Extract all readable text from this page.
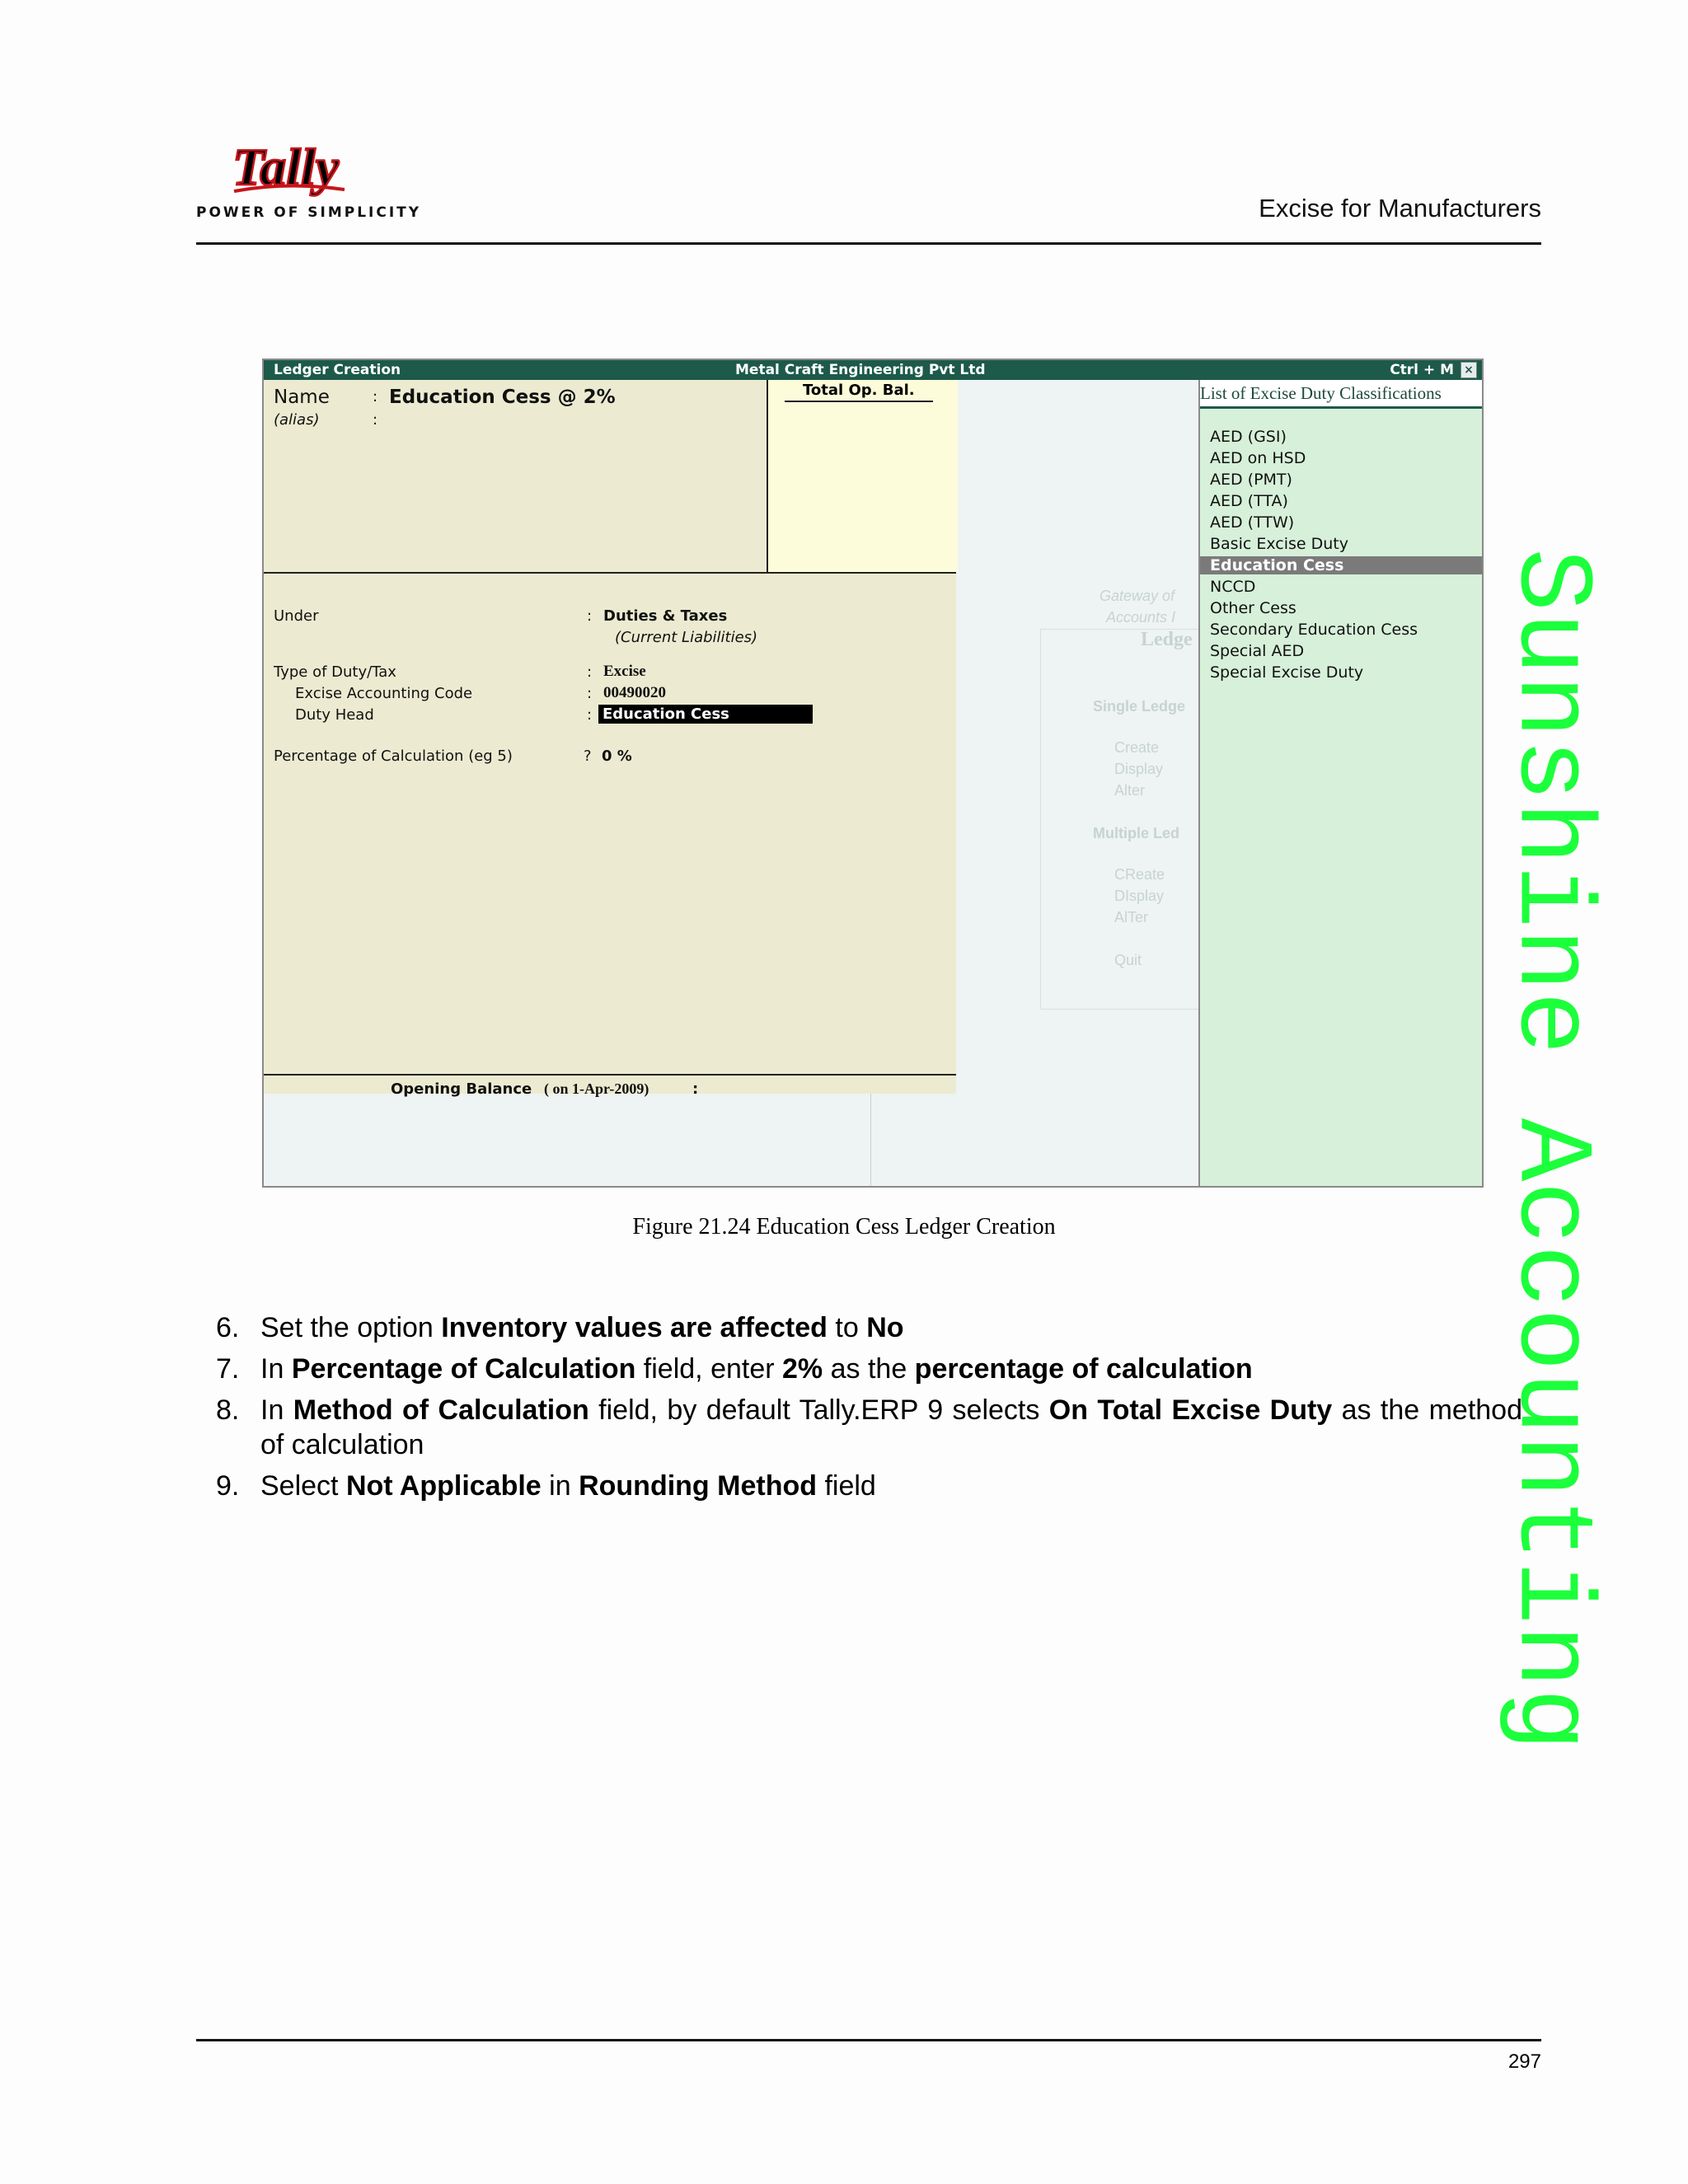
Tally
POWER OF SIMPLICITY	Excise for Manufacturers
Ledger Creation	Metal Craft Engineering Pvt Ltd	Ctrl + M ×
Total Op. Bal.
Name	: Education Cess @ 2%
(alias)	:
Under	: Duties & Taxes
(Current Liabilities)
Type of Duty/Tax	: Excise
Excise Accounting Code	: 00490020
Duty Head	: Education Cess
Percentage of Calculation (eg 5)	? 0 %
Opening Balance ( on 1-Apr-2009)	:
Gateway of
Accounts I
Ledge
Single Ledge
Create
Display
Alter
Multiple Led
CReate
DIsplay
AlTer
Quit
List of Excise Duty Classifications
AED (GSI)
AED on HSD
AED (PMT)
AED (TTA)
AED (TTW)
Basic Excise Duty
Education Cess
NCCD
Other Cess
Secondary Education Cess
Special AED
Special Excise Duty
Figure 21.24 Education Cess Ledger Creation
6. Set the option Inventory values are affected to No
7. In Percentage of Calculation field, enter 2% as the percentage of calculation
8. In Method of Calculation field, by default Tally.ERP 9 selects On Total Excise Duty as the method of calculation
9. Select Not Applicable in Rounding Method field
297
Sunshine Accounting
